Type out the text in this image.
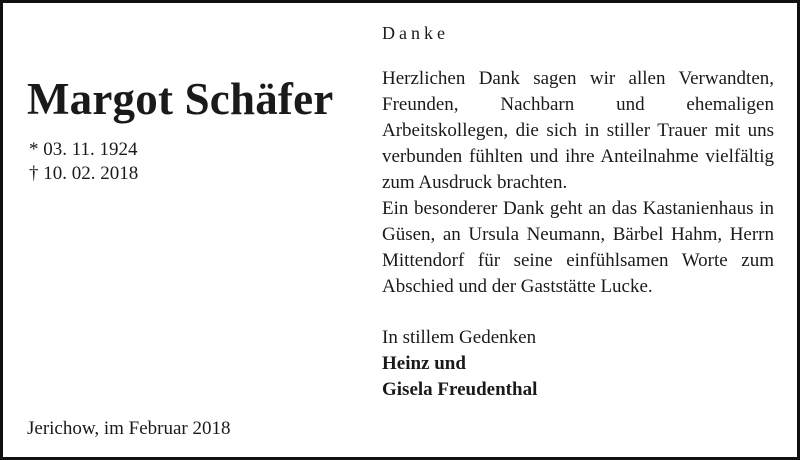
Margot Schäfer
* 03. 11. 1924
† 10. 02. 2018
Jerichow, im Februar 2018
Danke

Herzlichen Dank sagen wir allen Verwandten, Freunden, Nachbarn und ehemaligen Arbeitskollegen, die sich in stiller Trauer mit uns verbunden fühlten und ihre Anteilnahme vielfältig zum Ausdruck brachten.

Ein besonderer Dank geht an das Kastanienhaus in Güsen, an Ursula Neumann, Bärbel Hahm, Herrn Mittendorf für seine einfühlsamen Worte zum Abschied und der Gaststätte Lucke.

In stillem Gedenken
Heinz und
Gisela Freudenthal
